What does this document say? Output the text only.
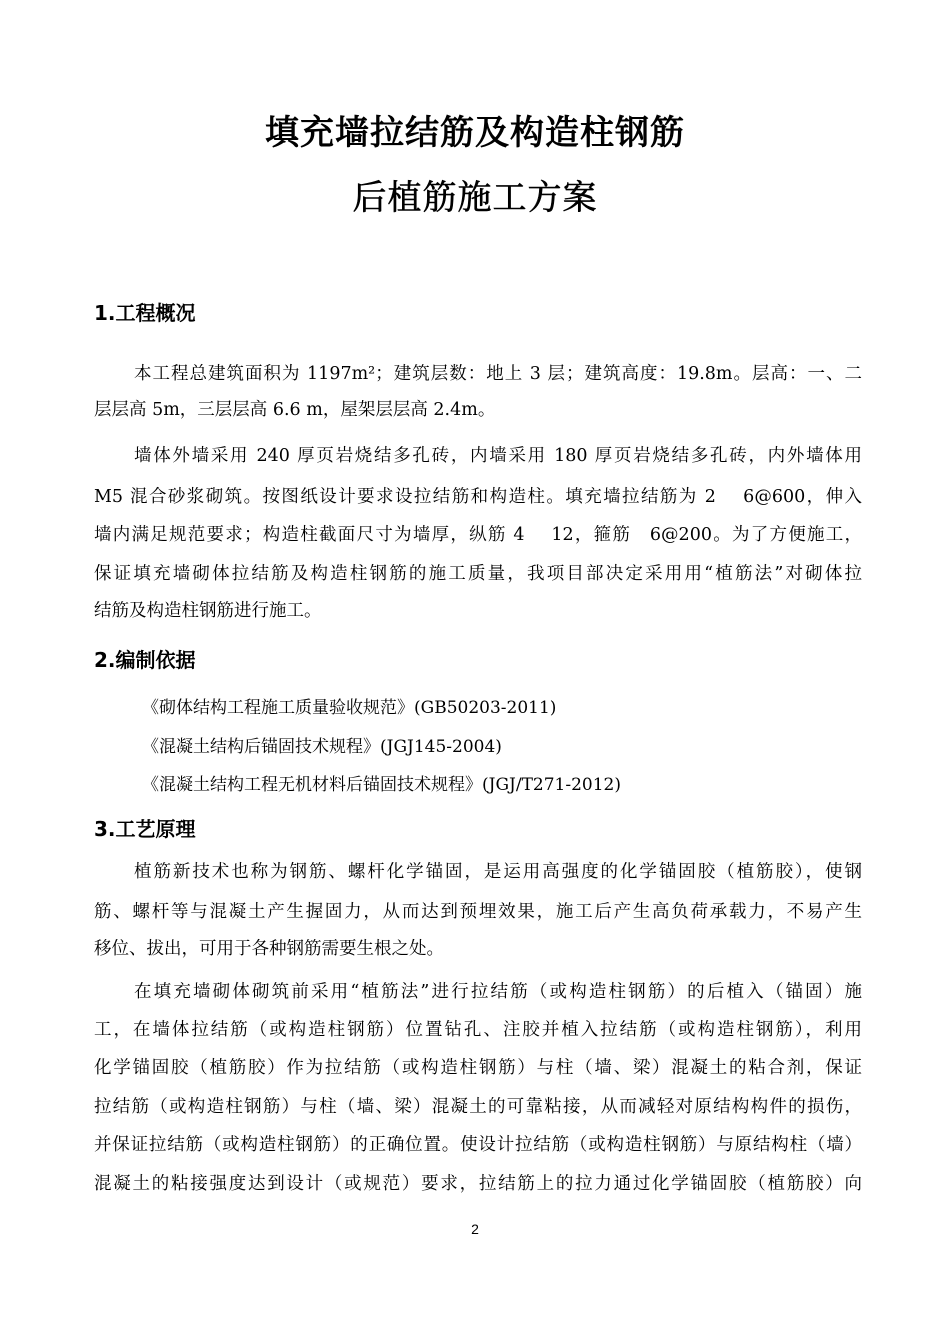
填充墙拉结筋及构造柱钢筋
后植筋施工方案
1.工程概况
本工程总建筑面积为 1197m²；建筑层数：地上 3 层；建筑高度：19.8m。层高：一、二
层层高 5m，三层层高 6.6 m，屋架层层高 2.4m。
墙体外墙采用 240 厚页岩烧结多孔砖，内墙采用 180 厚页岩烧结多孔砖，内外墙体用
M5 混合砂浆砌筑。按图纸设计要求设拉结筋和构造柱。填充墙拉结筋为 2　 6@600，伸入
墙内满足规范要求；构造柱截面尺寸为墙厚，纵筋 4　 12，箍筋　6@200。为了方便施工，
保证填充墙砌体拉结筋及构造柱钢筋的施工质量，我项目部决定采用用“植筋法”对砌体拉
结筋及构造柱钢筋进行施工。
2.编制依据
《砌体结构工程施工质量验收规范》(GB50203-2011)
《混凝土结构后锚固技术规程》(JGJ145-2004)
《混凝土结构工程无机材料后锚固技术规程》(JGJ/T271-2012)
3.工艺原理
植筋新技术也称为钢筋、螺杆化学锚固，是运用高强度的化学锚固胶（植筋胶），使钢
筋、螺杆等与混凝土产生握固力，从而达到预埋效果，施工后产生高负荷承载力，不易产生
移位、拔出，可用于各种钢筋需要生根之处。
在填充墙砌体砌筑前采用“植筋法”进行拉结筋（或构造柱钢筋）的后植入（锚固）施
工，在墙体拉结筋（或构造柱钢筋）位置钻孔、注胶并植入拉结筋（或构造柱钢筋），利用
化学锚固胶（植筋胶）作为拉结筋（或构造柱钢筋）与柱（墙、梁）混凝土的粘合剂，保证
拉结筋（或构造柱钢筋）与柱（墙、梁）混凝土的可靠粘接，从而减轻对原结构构件的损伤，
并保证拉结筋（或构造柱钢筋）的正确位置。使设计拉结筋（或构造柱钢筋）与原结构柱（墙）
混凝土的粘接强度达到设计（或规范）要求，拉结筋上的拉力通过化学锚固胶（植筋胶）向
2
